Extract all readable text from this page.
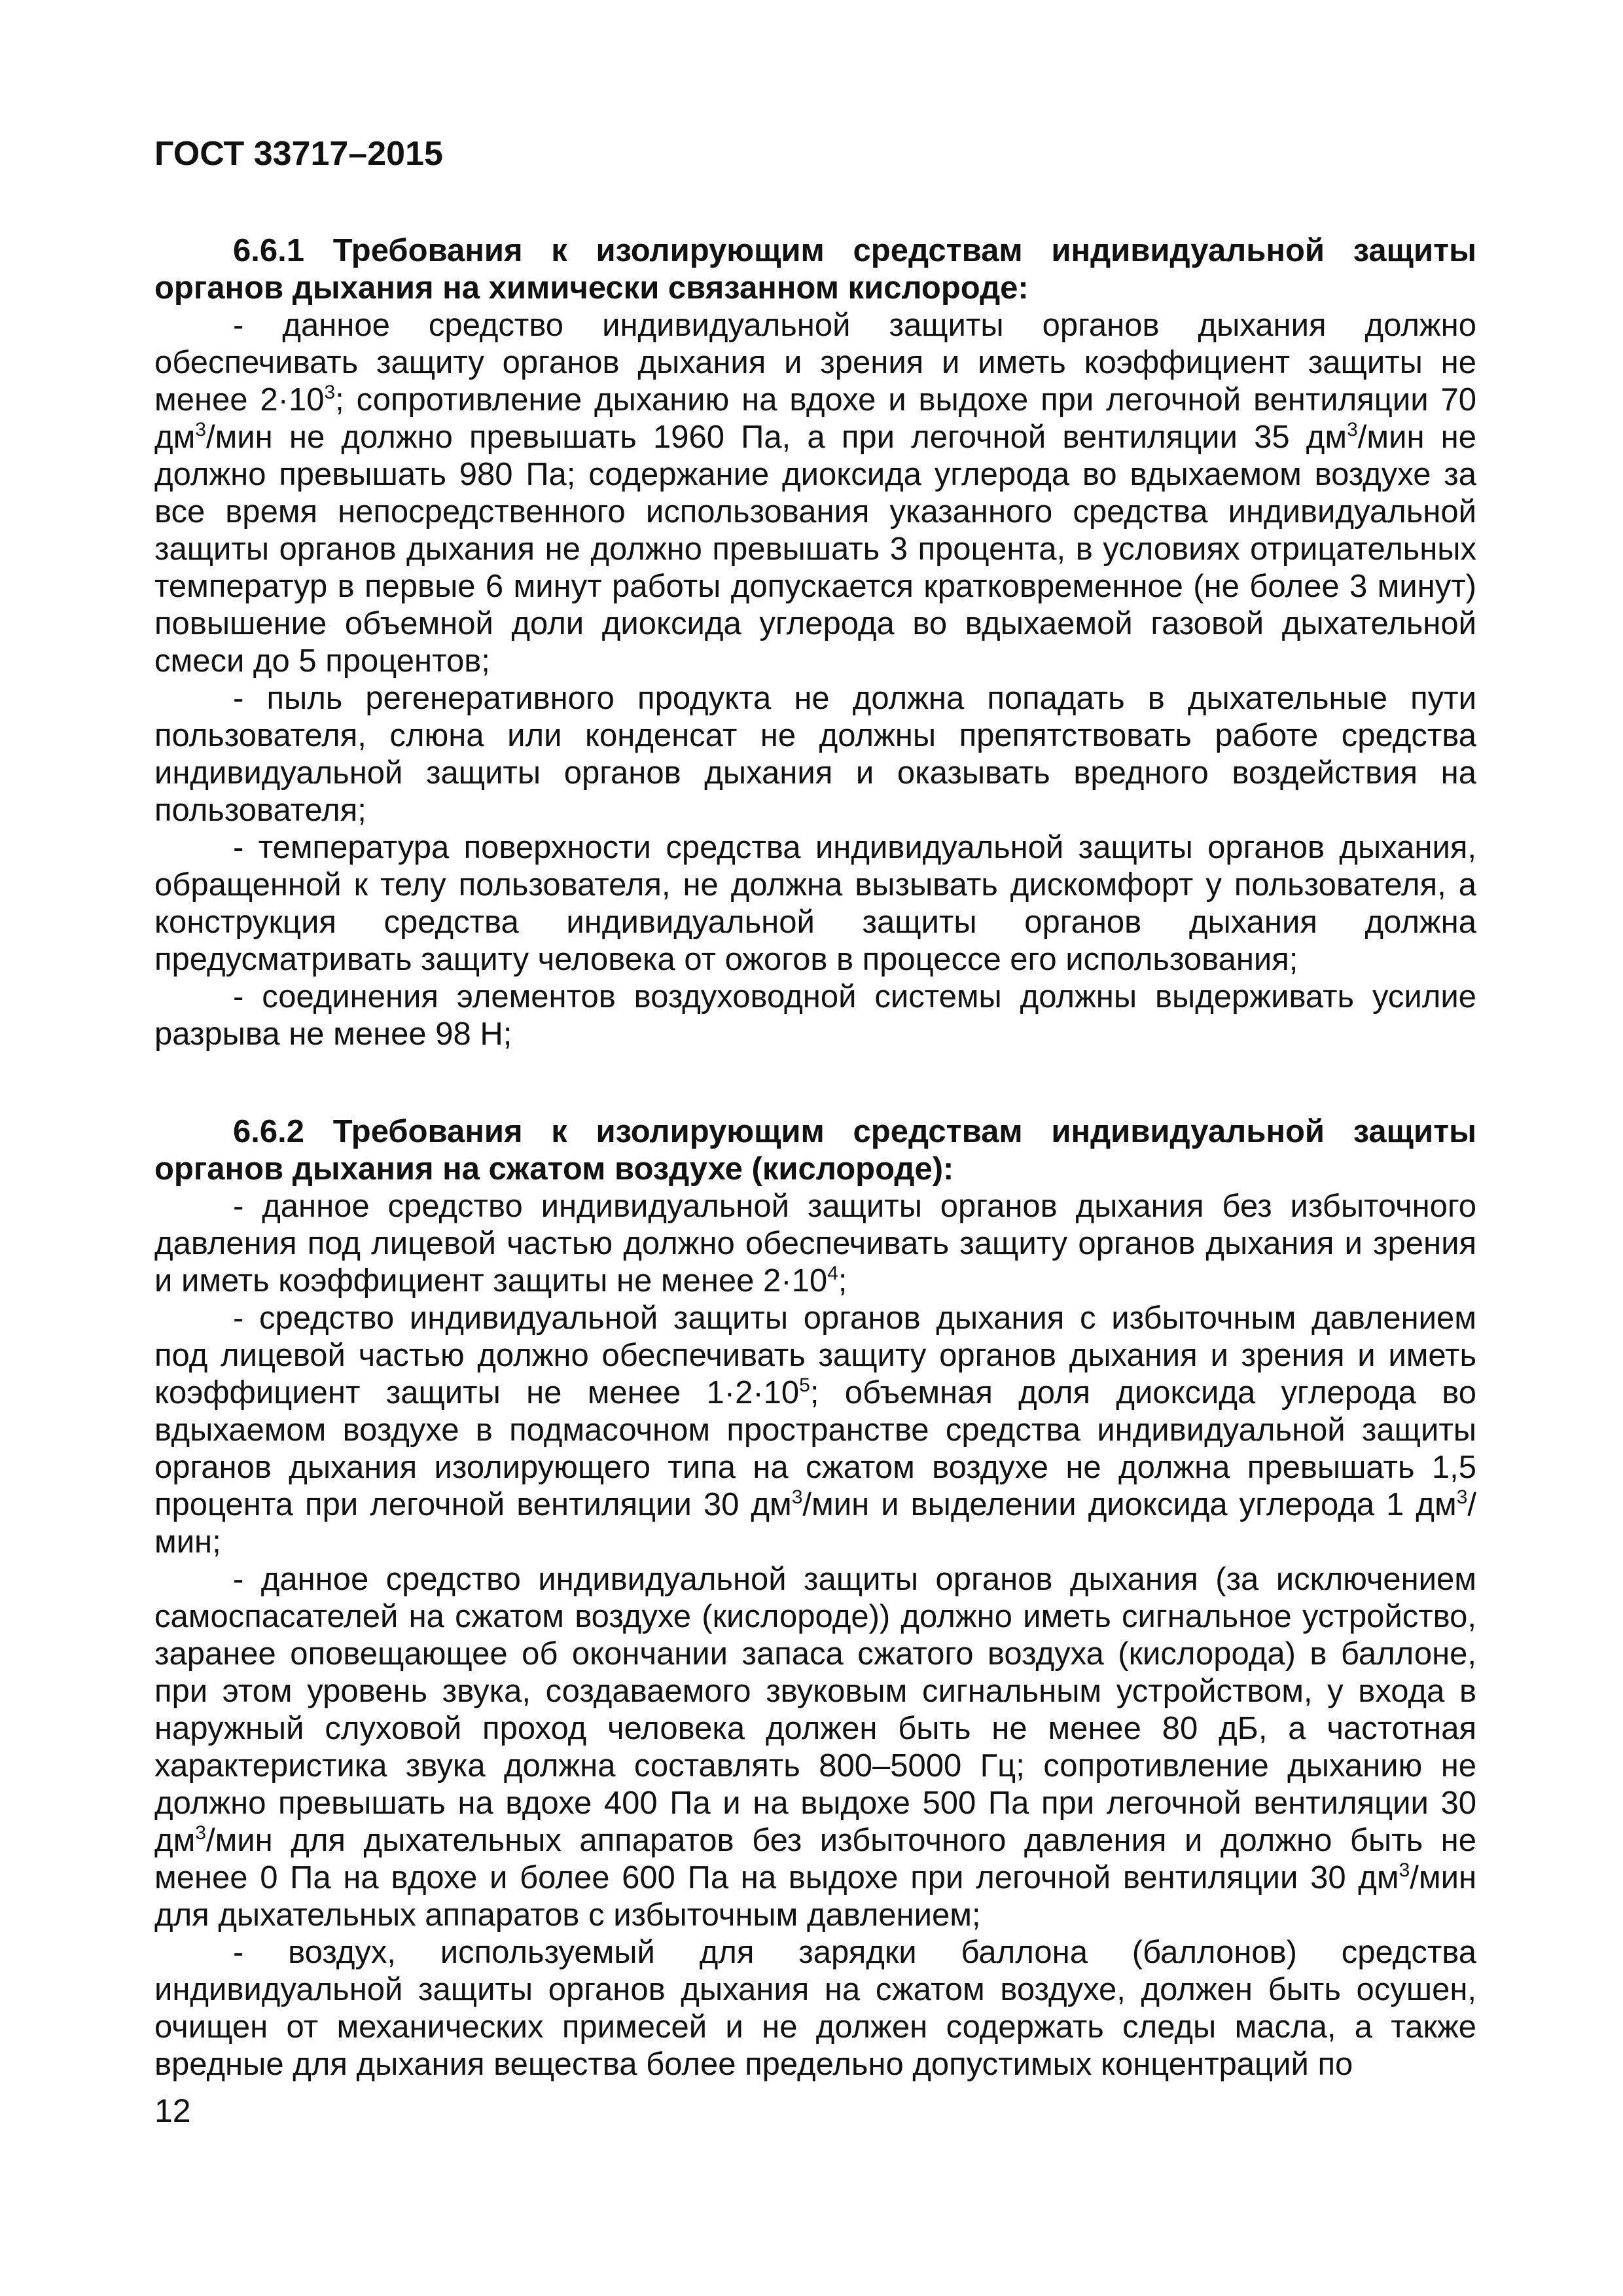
ГОСТ 33717–2015

6.6.1 Требования к изолирующим средствам индивидуальной защиты органов дыхания на химически связанном кислороде:

- данное средство индивидуальной защиты органов дыхания должно обеспечивать защиту органов дыхания и зрения и иметь коэффициент защиты не менее $2\cdot 10^3$; сопротивление дыханию на вдохе и выдохе при легочной вентиляции 70 $дм^3$/мин не должно превышать 1960 Па, а при легочной вентиляции 35 $дм^3$/мин не должно превышать 980 Па; содержание диоксида углерода во вдыхаемом воздухе за все время непосредственного использования указанного средства индивидуальной защиты органов дыхания не должно превышать 3 процента, в условиях отрицательных температур в первые 6 минут работы допускается кратковременное (не более 3 минут) повышение объемной доли диоксида углерода во вдыхаемой газовой дыхательной смеси до 5 процентов;

- пыль регенеративного продукта не должна попадать в дыхательные пути пользователя, слюна или конденсат не должны препятствовать работе средства индивидуальной защиты органов дыхания и оказывать вредного воздействия на пользователя;

- температура поверхности средства индивидуальной защиты органов дыхания, обращенной к телу пользователя, не должна вызывать дискомфорт у пользователя, а конструкция средства индивидуальной защиты органов дыхания должна предусматривать защиту человека от ожогов в процессе его использования;

- соединения элементов воздуховодной системы должны выдерживать усилие разрыва не менее 98 Н;

6.6.2 Требования к изолирующим средствам индивидуальной защиты органов дыхания на сжатом воздухе (кислороде):

- данное средство индивидуальной защиты органов дыхания без избыточного давления под лицевой частью должно обеспечивать защиту органов дыхания и зрения и иметь коэффициент защиты не менее $2\cdot 10^4$;

- средство индивидуальной защиты органов дыхания с избыточным давлением под лицевой частью должно обеспечивать защиту органов дыхания и зрения и иметь коэффициент защиты не менее $1\cdot 2\cdot 10^5$; объемная доля диоксида углерода во вдыхаемом воздухе в подмасочном пространстве средства индивидуальной защиты органов дыхания изолирующего типа на сжатом воздухе не должна превышать 1,5 процента при легочной вентиляции 30 $дм^3$/мин и выделении диоксида углерода 1 $дм^3$/мин;

- данное средство индивидуальной защиты органов дыхания (за исключением самоспасателей на сжатом воздухе (кислороде)) должно иметь сигнальное устройство, заранее оповещающее об окончании запаса сжатого воздуха (кислорода) в баллоне, при этом уровень звука, создаваемого звуковым сигнальным устройством, у входа в наружный слуховой проход человека должен быть не менее 80 дБ, а частотная характеристика звука должна составлять 800–5000 Гц; сопротивление дыханию не должно превышать на вдохе 400 Па и на выдохе 500 Па при легочной вентиляции 30 $дм^3$/мин для дыхательных аппаратов без избыточного давления и должно быть не менее 0 Па на вдохе и более 600 Па на выдохе при легочной вентиляции 30 $дм^3$/мин для дыхательных аппаратов с избыточным давлением;

- воздух, используемый для зарядки баллона (баллонов) средства индивидуальной защиты органов дыхания на сжатом воздухе, должен быть осушен, очищен от механических примесей и не должен содержать следы масла, а также вредные для дыхания вещества более предельно допустимых концентраций по

12
